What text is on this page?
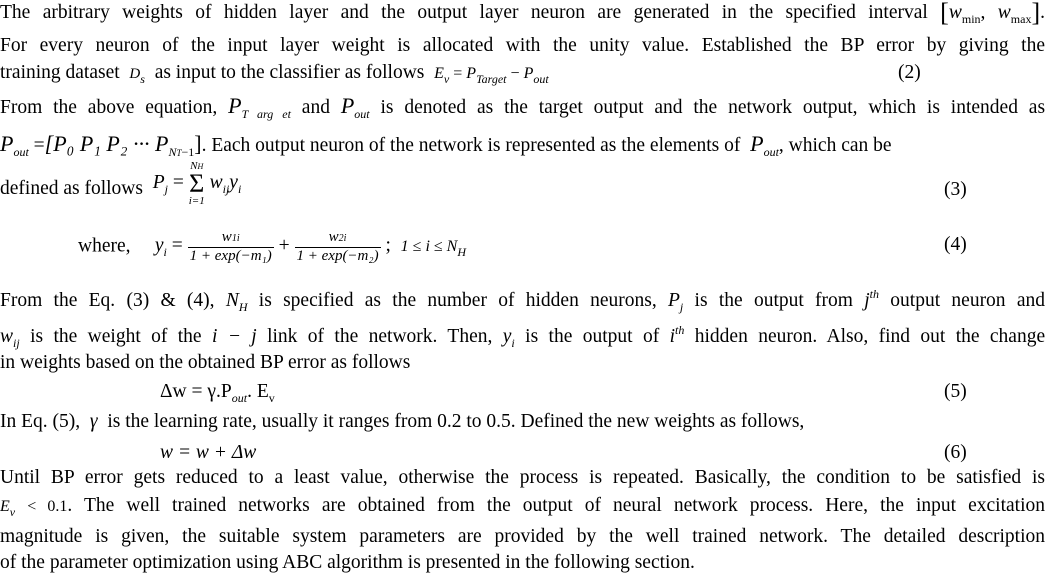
The arbitrary weights of hidden layer and the output layer neuron are generated in the specified interval [$w_{min}$, $w_{max}$].
For every neuron of the input layer weight is allocated with the unity value. Established the BP error by giving the
training dataset $D_s$ as input to the classifier as follows $E_v = P_{Target} - P_{out}$	(2)
From the above equation, $P_{T arg et}$ and $P_{out}$ is denoted as the target output and the network output, which is intended as
$P_{out} =[P_0$ P₁ P₂ ··· $P_{NT-1}$]. Each output neuron of the network is represented as the elements of $P_{out}$, which can be
defined as follows $P_j$ = NH
Σ
i=1 $w_{ij}y_i$	(3)
where, $y_i = \frac{w1i}{\text{1 + exp(−m₁)}} + \frac{w2i}{\text{1 + exp(−m₂)}}$ ;  $1 \le i \le N_H$	(4)
From the Eq. (3) & (4), $N_H$ is specified as the number of hidden neurons, $P_j$ is the output from $j^{th}$ output neuron and
$w_{ij}$ is the weight of the i − j link of the network. Then, $y_i$ is the output of $i^{th}$ hidden neuron. Also, find out the change
in weights based on the obtained BP error as follows
$\Delta w = \gamma.P_{out}$. $E_v$	(5)
In Eq. (5), γ is the learning rate, usually it ranges from 0.2 to 0.5. Defined the new weights as follows,
w = w + Δw	(6)
Until BP error gets reduced to a least value, otherwise the process is repeated. Basically, the condition to be satisfied is
$E_v < 0.1$. The well trained networks are obtained from the output of neural network process. Here, the input excitation
magnitude is given, the suitable system parameters are provided by the well trained network. The detailed description
of the parameter optimization using ABC algorithm is presented in the following section.
